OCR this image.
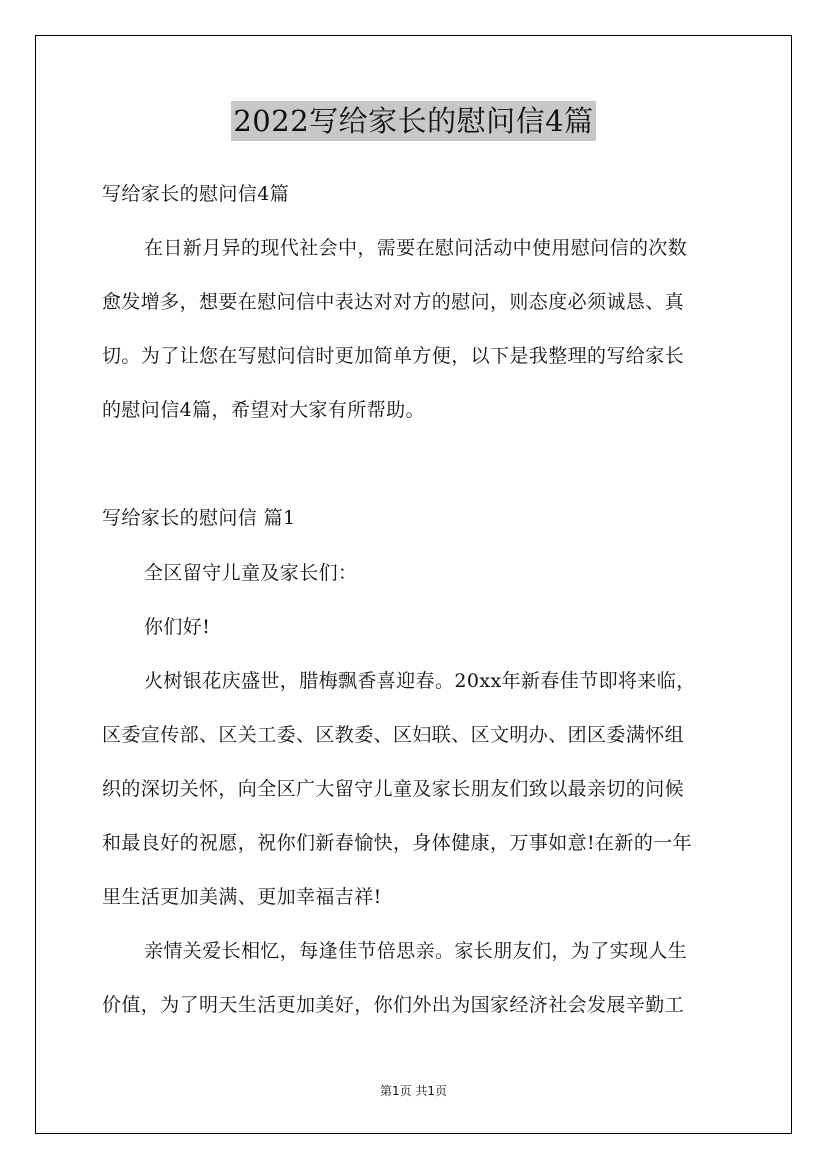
2022写给家长的慰问信4篇
写给家长的慰问信4篇
在日新月异的现代社会中，需要在慰问活动中使用慰问信的次数
愈发增多，想要在慰问信中表达对对方的慰问，则态度必须诚恳、真
切。为了让您在写慰问信时更加简单方便，以下是我整理的写给家长
的慰问信4篇，希望对大家有所帮助。
写给家长的慰问信 篇1
全区留守儿童及家长们：
你们好!
火树银花庆盛世，腊梅飘香喜迎春。20xx年新春佳节即将来临，
区委宣传部、区关工委、区教委、区妇联、区文明办、团区委满怀组
织的深切关怀，向全区广大留守儿童及家长朋友们致以最亲切的问候
和最良好的祝愿，祝你们新春愉快，身体健康，万事如意!在新的一年
里生活更加美满、更加幸福吉祥!
亲情关爱长相忆，每逢佳节倍思亲。家长朋友们，为了实现人生
价值，为了明天生活更加美好，你们外出为国家经济社会发展辛勤工
第1页 共1页
